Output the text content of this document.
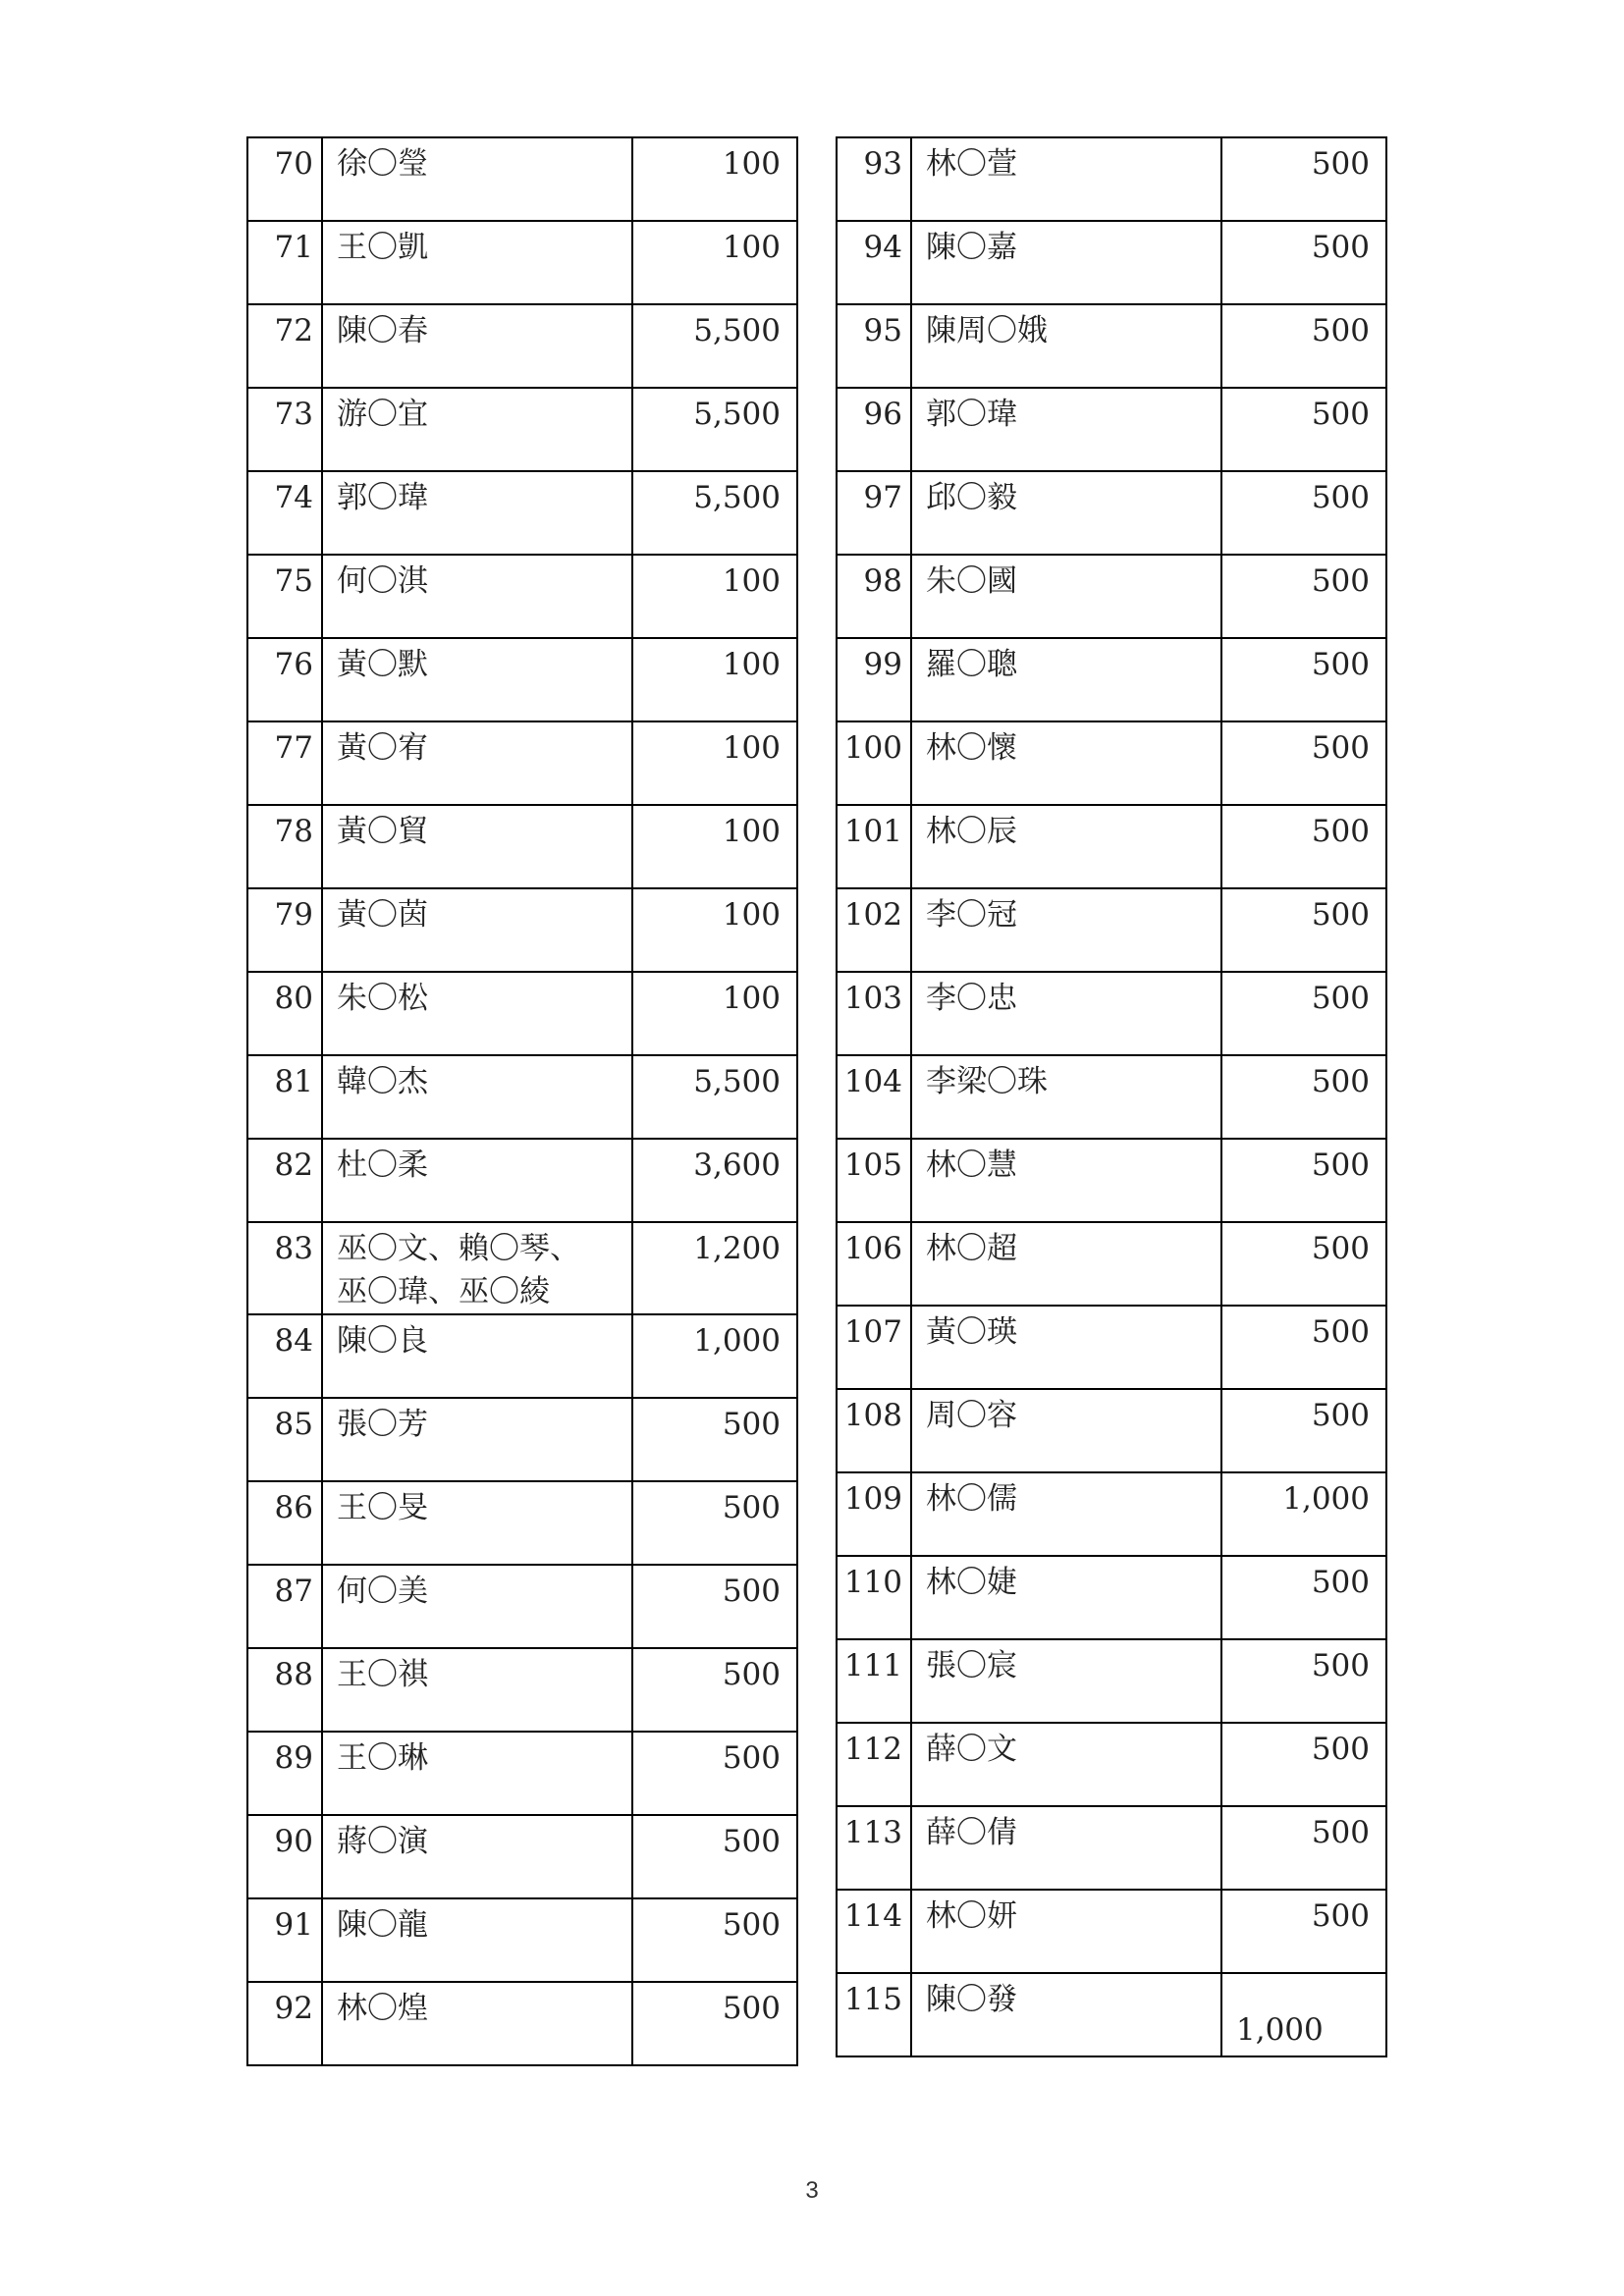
70	徐〇瑩	100
71	王〇凱	100
72	陳〇春	5,500
73	游〇宜	5,500
74	郭〇瑋	5,500
75	何〇淇	100
76	黃〇默	100
77	黃〇宥	100
78	黃〇貿	100
79	黃〇茵	100
80	朱〇松	100
81	韓〇杰	5,500
82	杜〇柔	3,600
83	巫〇文、賴〇琴、
巫〇瑋、巫〇綾	1,200
84	陳〇良	1,000
85	張〇芳	500
86	王〇旻	500
87	何〇美	500
88	王〇祺	500
89	王〇琳	500
90	蔣〇演	500
91	陳〇龍	500
92	林〇煌	500
93	林〇萱	500
94	陳〇嘉	500
95	陳周〇娥	500
96	郭〇瑋	500
97	邱〇毅	500
98	朱〇國	500
99	羅〇聰	500
100	林〇懷	500
101	林〇辰	500
102	李〇冠	500
103	李〇忠	500
104	李梁〇珠	500
105	林〇慧	500
106	林〇超	500
107	黃〇瑛	500
108	周〇容	500
109	林〇儒	1,000
110	林〇婕	500
111	張〇宸	500
112	薛〇文	500
113	薛〇倩	500
114	林〇妍	500
115	陳〇發	1,000
3
